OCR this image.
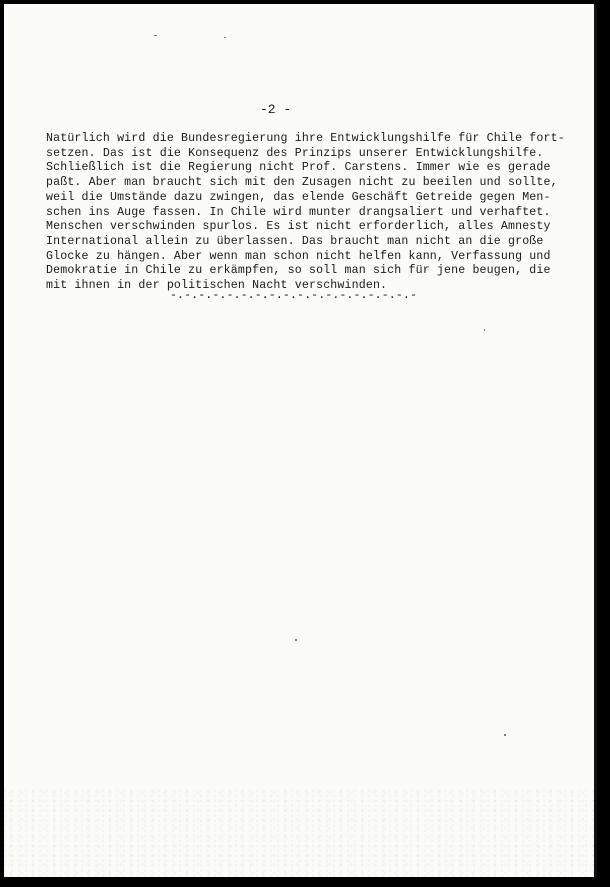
-2 -
Natürlich wird die Bundesregierung ihre Entwicklungshilfe für Chile fort-
setzen. Das ist die Konsequenz des Prinzips unserer Entwicklungshilfe.
Schließlich ist die Regierung nicht Prof. Carstens. Immer wie es gerade
paßt. Aber man braucht sich mit den Zusagen nicht zu beeilen und sollte,
weil die Umstände dazu zwingen, das elende Geschäft Getreide gegen Men-
schen ins Auge fassen. In Chile wird munter drangsaliert und verhaftet.
Menschen verschwinden spurlos. Es ist nicht erforderlich, alles Amnesty
International allein zu überlassen. Das braucht man nicht an die große
Glocke zu hängen. Aber wenn man schon nicht helfen kann, Verfassung und
Demokratie in Chile zu erkämpfen, so soll man sich für jene beugen, die
mit ihnen in der politischen Nacht verschwinden.
-.-.-.-.-.-.-.-.-.-.-.-.-.-.-.-.-.-
